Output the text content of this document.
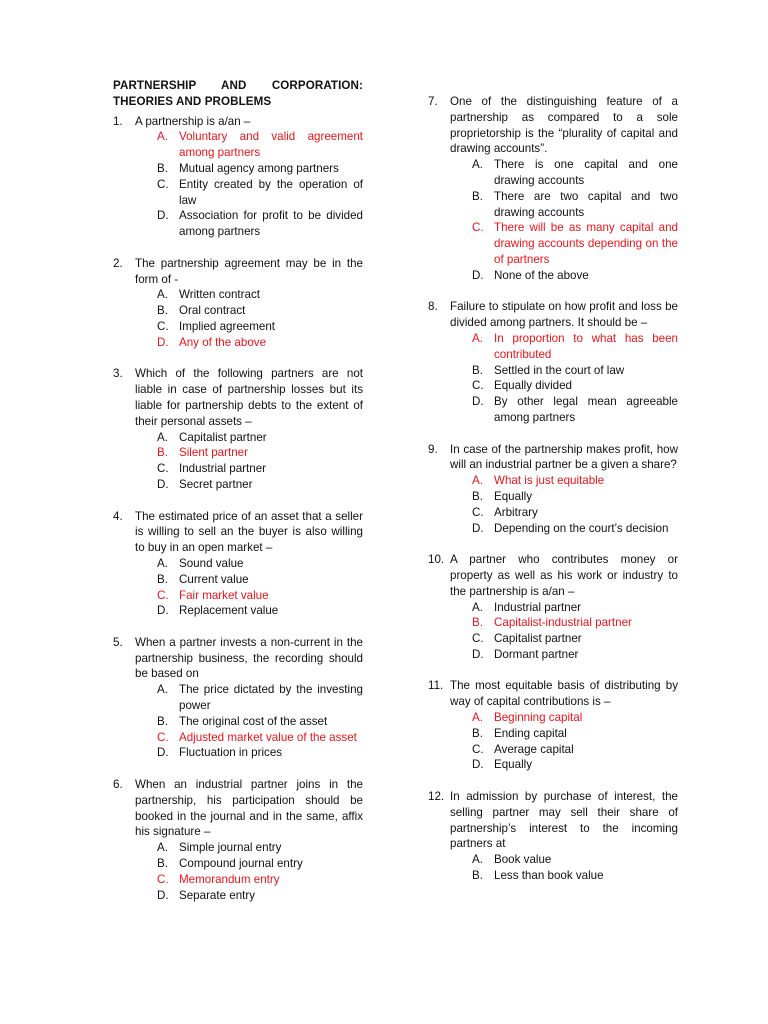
PARTNERSHIP AND CORPORATION: THEORIES AND PROBLEMS
1. A partnership is a/an –

A. Voluntary and valid agreement among partners
B. Mutual agency among partners
C. Entity created by the operation of law
D. Association for profit to be divided among partners
2. The partnership agreement may be in the form of -

A. Written contract
B. Oral contract
C. Implied agreement
D. Any of the above
3. Which of the following partners are not liable in case of partnership losses but its liable for partnership debts to the extent of their personal assets –

A. Capitalist partner
B. Silent partner
C. Industrial partner
D. Secret partner
4. The estimated price of an asset that a seller is willing to sell an the buyer is also willing to buy in an open market –

A. Sound value
B. Current value
C. Fair market value
D. Replacement value
5. When a partner invests a non-current in the partnership business, the recording should be based on

A. The price dictated by the investing power
B. The original cost of the asset
C. Adjusted market value of the asset
D. Fluctuation in prices
6. When an industrial partner joins in the partnership, his participation should be booked in the journal and in the same, affix his signature –

A. Simple journal entry
B. Compound journal entry
C. Memorandum entry
D. Separate entry
7. One of the distinguishing feature of a partnership as compared to a sole proprietorship is the “plurality of capital and drawing accounts”.

A. There is one capital and one drawing accounts
B. There are two capital and two drawing accounts
C. There will be as many capital and drawing accounts depending on the of partners
D. None of the above
8. Failure to stipulate on how profit and loss be divided among partners. It should be –

A. In proportion to what has been contributed
B. Settled in the court of law
C. Equally divided
D. By other legal mean agreeable among partners
9. In case of the partnership makes profit, how will an industrial partner be a given a share?

A. What is just equitable
B. Equally
C. Arbitrary
D. Depending on the court’s decision
10. A partner who contributes money or property as well as his work or industry to the partnership is a/an –

A. Industrial partner
B. Capitalist-industrial partner
C. Capitalist partner
D. Dormant partner
11. The most equitable basis of distributing by way of capital contributions is –

A. Beginning capital
B. Ending capital
C. Average capital
D. Equally
12. In admission by purchase of interest, the selling partner may sell their share of partnership’s interest to the incoming partners at

A. Book value
B. Less than book value
